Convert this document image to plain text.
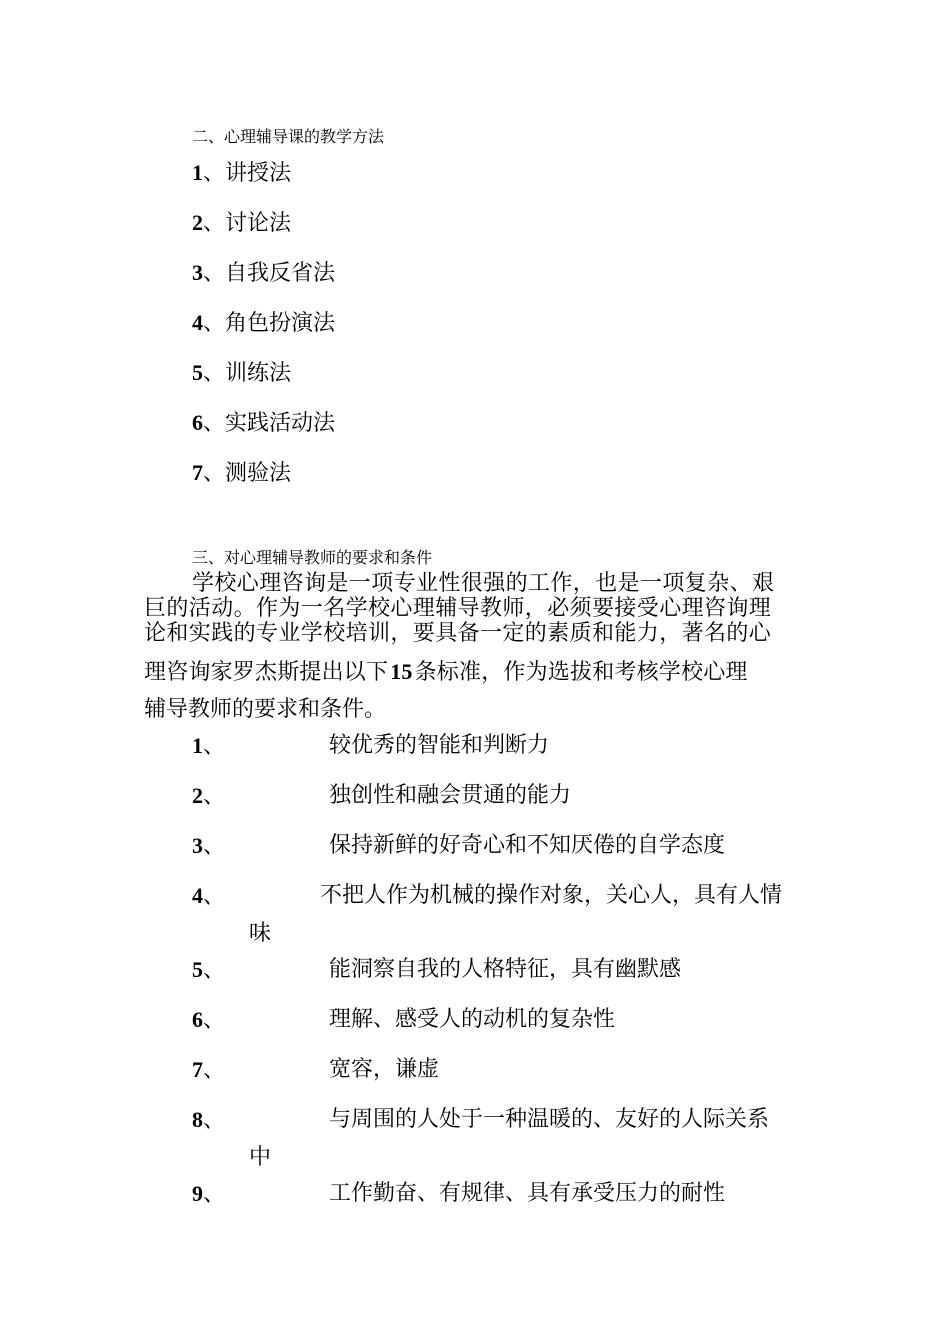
二、心理辅导课的教学方法
1、讲授法
2、讨论法
3、自我反省法
4、角色扮演法
5、训练法
6、实践活动法
7、测验法
三、对心理辅导教师的要求和条件
学校心理咨询是一项专业性很强的工作，也是一项复杂、艰
巨的活动。作为一名学校心理辅导教师，必须要接受心理咨询理
论和实践的专业学校培训，要具备一定的素质和能力，著名的心
理咨询家罗杰斯提出以下15条标准，作为选拔和考核学校心理
辅导教师的要求和条件。
1、	较优秀的智能和判断力
2、	独创性和融会贯通的能力
3、	保持新鲜的好奇心和不知厌倦的自学态度
4、	不把人作为机械的操作对象，关心人，具有人情
味
5、	能洞察自我的人格特征，具有幽默感
6、	理解、感受人的动机的复杂性
7、	宽容，谦虚
8、	与周围的人处于一种温暖的、友好的人际关系
中
9、	工作勤奋、有规律、具有承受压力的耐性
